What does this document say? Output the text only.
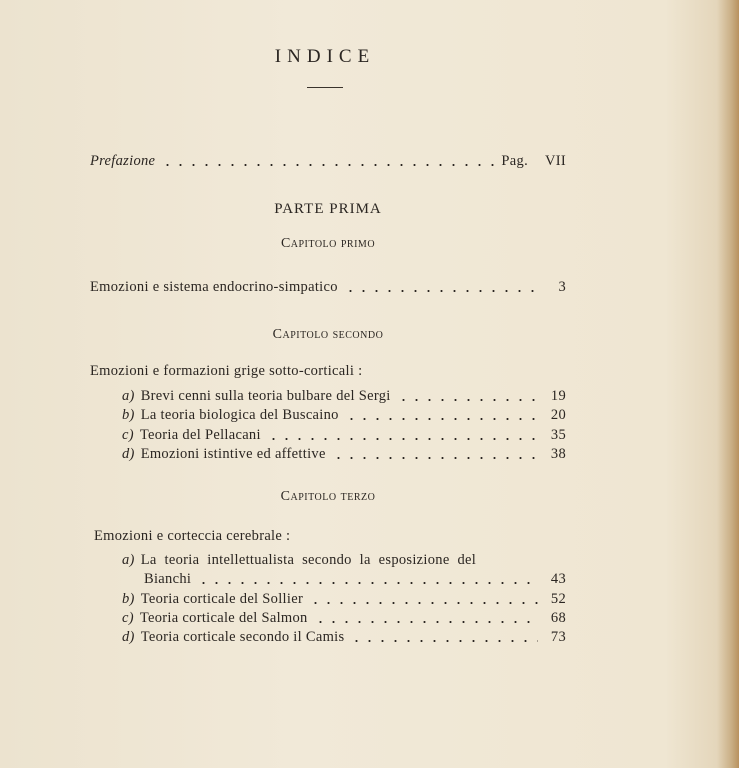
INDICE
Prefazione	Pag. VII
PARTE PRIMA
Capitolo primo
Emozioni e sistema endocrino-simpatico	3
Capitolo secondo
Emozioni e formazioni grige sotto-corticali :
a) Brevi cenni sulla teoria bulbare del Sergi	19
b) La teoria biologica del Buscaino	20
c) Teoria del Pellacani	35
d) Emozioni istintive ed affettive	38
Capitolo terzo
Emozioni e corteccia cerebrale :
a) La teoria intellettualista secondo la esposizione del
Bianchi	43
b) Teoria corticale del Sollier	52
c) Teoria corticale del Salmon	68
d) Teoria corticale secondo il Camis	73
